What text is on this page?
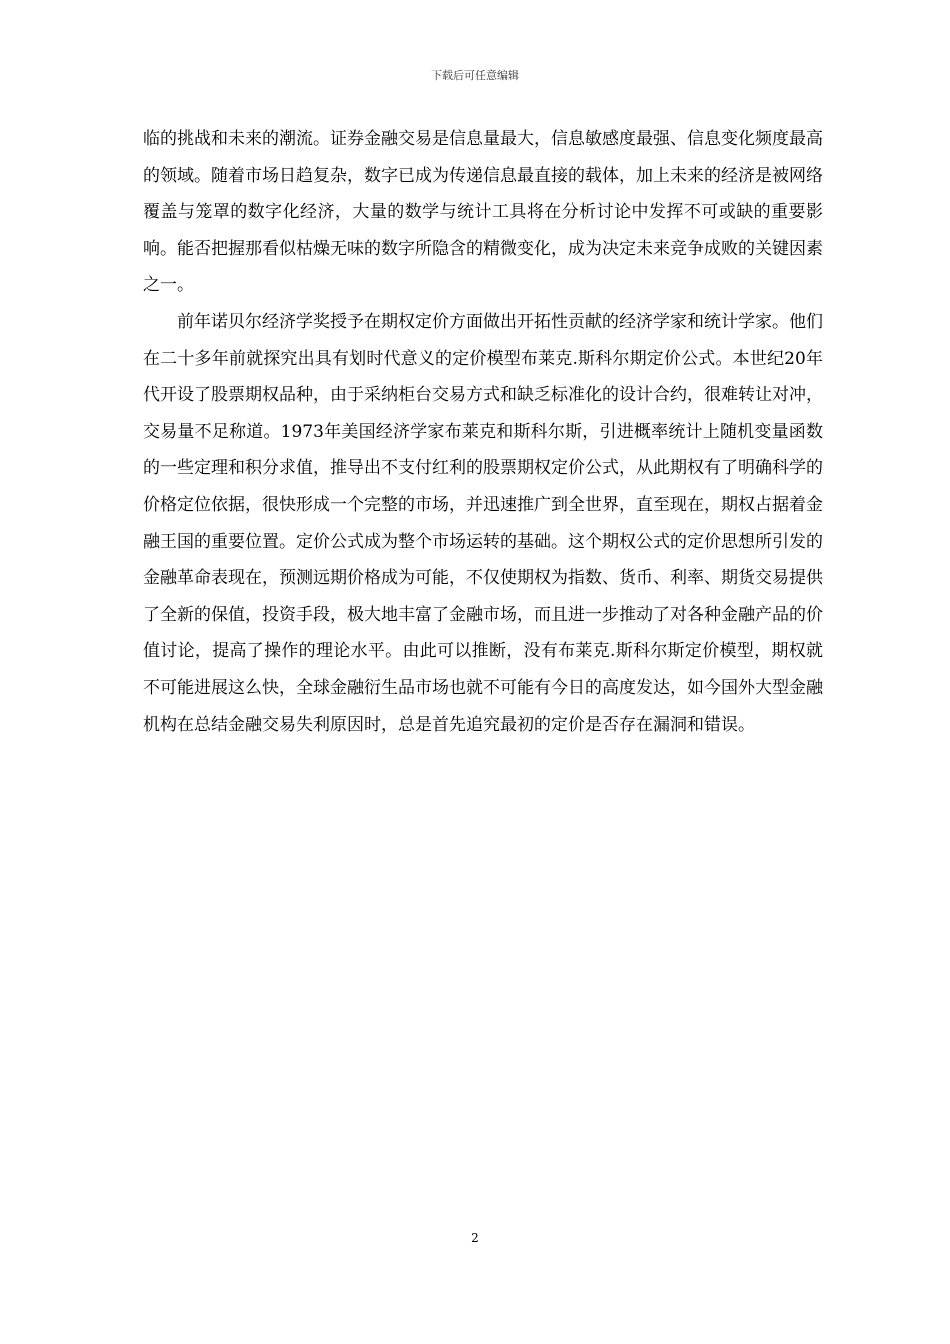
下载后可任意编辑

临的挑战和未来的潮流。证券金融交易是信息量最大，信息敏感度最强、信息变化频度最高的领域。随着市场日趋复杂，数字已成为传递信息最直接的载体，加上未来的经济是被网络覆盖与笼罩的数字化经济，大量的数学与统计工具将在分析讨论中发挥不可或缺的重要影响。能否把握那看似枯燥无味的数字所隐含的精微变化，成为决定未来竞争成败的关键因素之一。

前年诺贝尔经济学奖授予在期权定价方面做出开拓性贡献的经济学家和统计学家。他们在二十多年前就探究出具有划时代意义的定价模型布莱克.斯科尔期定价公式。本世纪20年代开设了股票期权品种，由于采纳柜台交易方式和缺乏标准化的设计合约，很难转让对冲，交易量不足称道。1973年美国经济学家布莱克和斯科尔斯，引进概率统计上随机变量函数的一些定理和积分求值，推导出不支付红利的股票期权定价公式，从此期权有了明确科学的价格定位依据，很快形成一个完整的市场，并迅速推广到全世界，直至现在，期权占据着金融王国的重要位置。定价公式成为整个市场运转的基础。这个期权公式的定价思想所引发的金融革命表现在，预测远期价格成为可能，不仅使期权为指数、货币、利率、期货交易提供了全新的保值，投资手段，极大地丰富了金融市场，而且进一步推动了对各种金融产品的价值讨论，提高了操作的理论水平。由此可以推断，没有布莱克.斯科尔斯定价模型，期权就不可能进展这么快，全球金融衍生品市场也就不可能有今日的高度发达，如今国外大型金融机构在总结金融交易失利原因时，总是首先追究最初的定价是否存在漏洞和错误。

2
